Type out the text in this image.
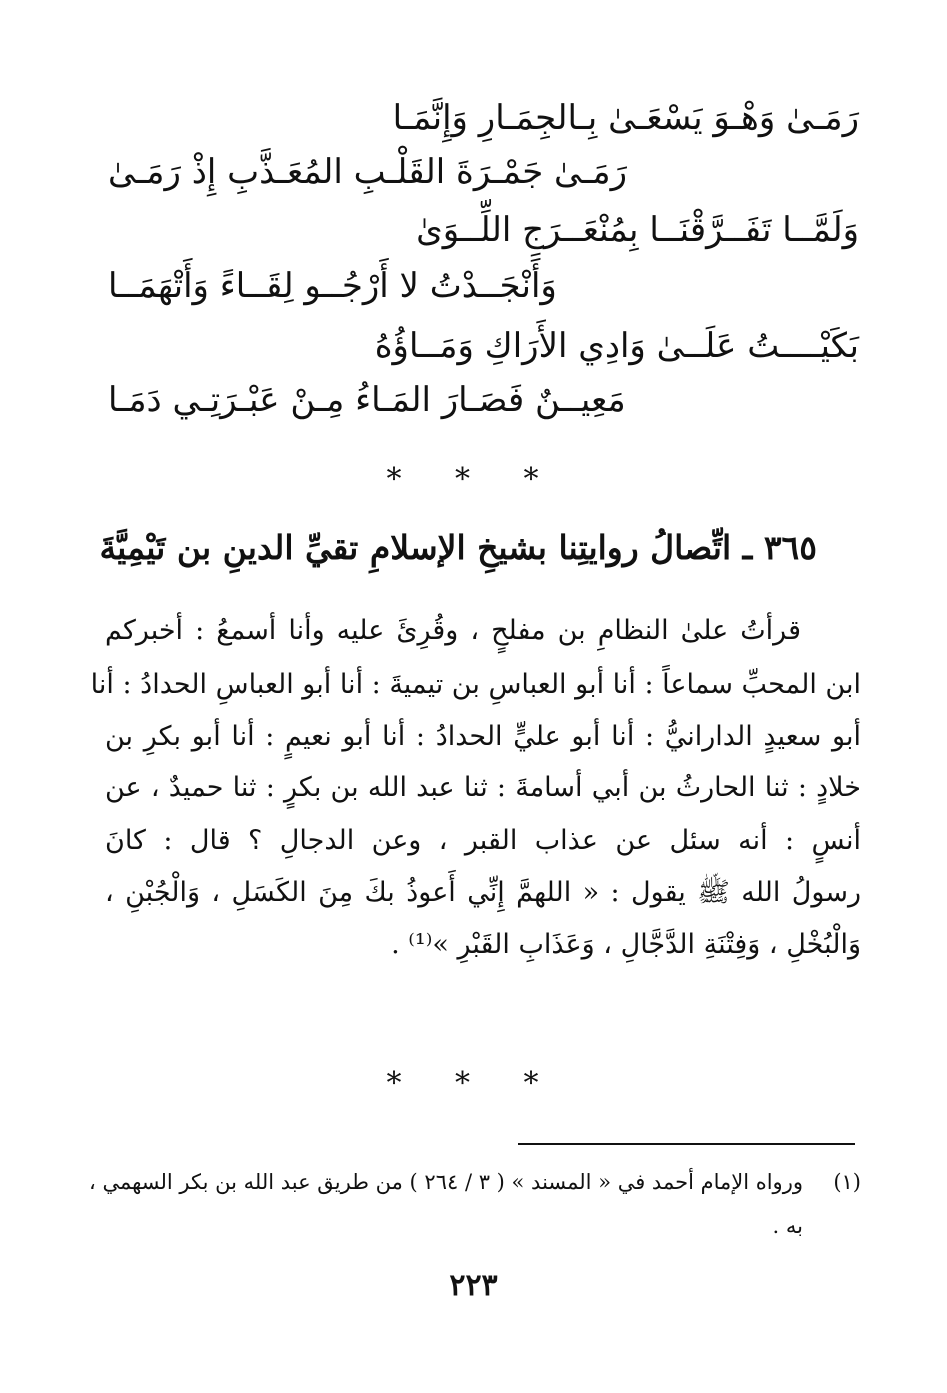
رَمَـىٰ وَهْـوَ يَسْعَـىٰ بِـالجِمَـارِ وَإِنَّمَـا
رَمَـىٰ جَمْـرَةَ القَلْـبِ المُعَـذَّبِ إِذْ رَمَـىٰ
وَلَمَّــا تَفَــرَّقْنَــا بِمُنْعَــرَجِ اللِّــوَىٰ
وَأَنْجَــدْتُ لا أَرْجُــو لِقَــاءً وَأَتْهَمَــا
بَكَيْــــتُ عَلَــىٰ وَادِي الأَرَاكِ وَمَــاؤُهُ
مَعِيــنٌ فَصَـارَ المَـاءُ مِـنْ عَبْـرَتِـي دَمَـا
* * *
٣٦٥ ـ اتِّصالُ روايتِنا بشيخِ الإسلامِ تقيِّ الدينِ بن تَيْمِيَّةَ
قرأتُ علىٰ النظامِ بن مفلحٍ ، وقُرِئَ عليه وأنا أسمعُ : أخبركم
ابن المحبِّ سماعاً : أنا أبو العباسِ بن تيميةَ : أنا أبو العباسِ الحدادُ : أنا
أبو سعيدٍ الدارانيُّ : أنا أبو عليٍّ الحدادُ : أنا أبو نعيمٍ : أنا أبو بكرِ بن
خلادٍ : ثنا الحارثُ بن أبي أسامةَ : ثنا عبد الله بن بكرٍ : ثنا حميدٌ ، عن
أنسٍ : أنه سئل عن عذاب القبر ، وعن الدجالِ ؟ قال : كانَ
رسولُ الله ﷺ يقول : « اللهمَّ إِنِّي أَعوذُ بكَ مِنَ الكَسَلِ ، وَالْجُبْنِ ،
وَالْبُخْلِ ، وَفِتْنَةِ الدَّجَّالِ ، وَعَذَابِ القَبْرِ »⁽¹⁾ .
* * *
(١)ورواه الإمام أحمد في « المسند » ( ٣ / ٢٦٤ ) من طريق عبد الله بن بكر السهمي ،
به .
٢٢٣
